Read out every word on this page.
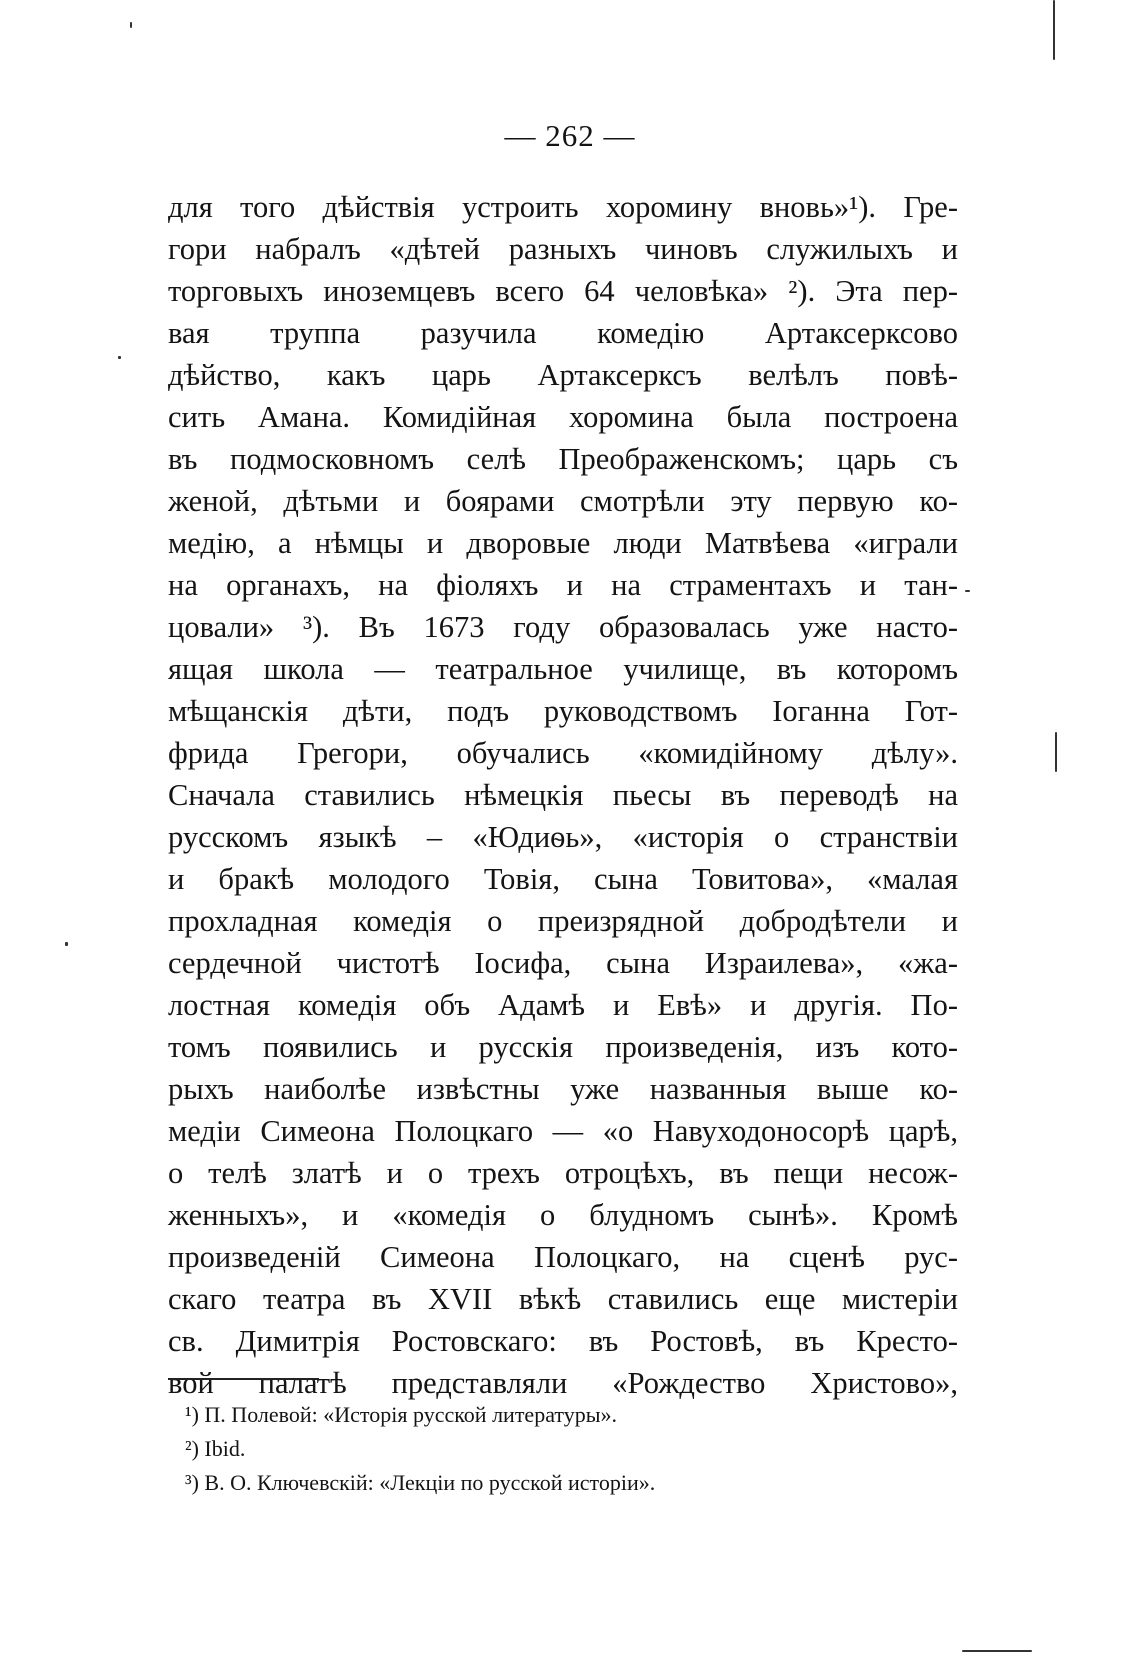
— 262 —
для того дѣйствія устроить хоромину вновь»¹). Гре-
гори набралъ «дѣтей разныхъ чиновъ служилыхъ и
торговыхъ иноземцевъ всего 64 человѣка» ²). Эта пер-
вая труппа разучила комедію Артаксерксово
дѣйство, какъ царь Артаксерксъ велѣлъ повѣ-
сить Амана. Комидійная хоромина была построена
въ подмосковномъ селѣ Преображенскомъ; царь съ
женой, дѣтьми и боярами смотрѣли эту первую ко-
медію, а нѣмцы и дворовые люди Матвѣева «играли
на органахъ, на фіоляхъ и на страментахъ и тан-
цовали» ³). Въ 1673 году образовалась уже насто-
ящая школа — театральное училище, въ которомъ
мѣщанскія дѣти, подъ руководствомъ Іоганна Гот-
фрида Грегори, обучались «комидійному дѣлу».
Сначала ставились нѣмецкія пьесы въ переводѣ на
русскомъ языкѣ – «Юдиѳь», «исторія о странствіи
и бракѣ молодого Товія, сына Товитова», «малая
прохладная комедія о преизрядной добродѣтели и
сердечной чистотѣ Іосифа, сына Израилева», «жа-
лостная комедія объ Адамѣ и Евѣ» и другія. По-
томъ появились и русскія произведенія, изъ кото-
рыхъ наиболѣе извѣстны уже названныя выше ко-
медіи Симеона Полоцкаго — «о Навуходоносорѣ царѣ,
о телѣ златѣ и о трехъ отроцѣхъ, въ пещи несож-
женныхъ», и «комедія о блудномъ сынѣ». Кромѣ
произведеній Симеона Полоцкаго, на сценѣ рус-
скаго театра въ XVII вѣкѣ ставились еще мистеріи
св. Димитрія Ростовскаго: въ Ростовѣ, въ Кресто-
вой палатѣ представляли «Рождество Христово»,
¹) П. Полевой: «Исторія русской литературы».
²) Ibid.
³) В. О. Ключевскій: «Лекціи по русской исторіи».
